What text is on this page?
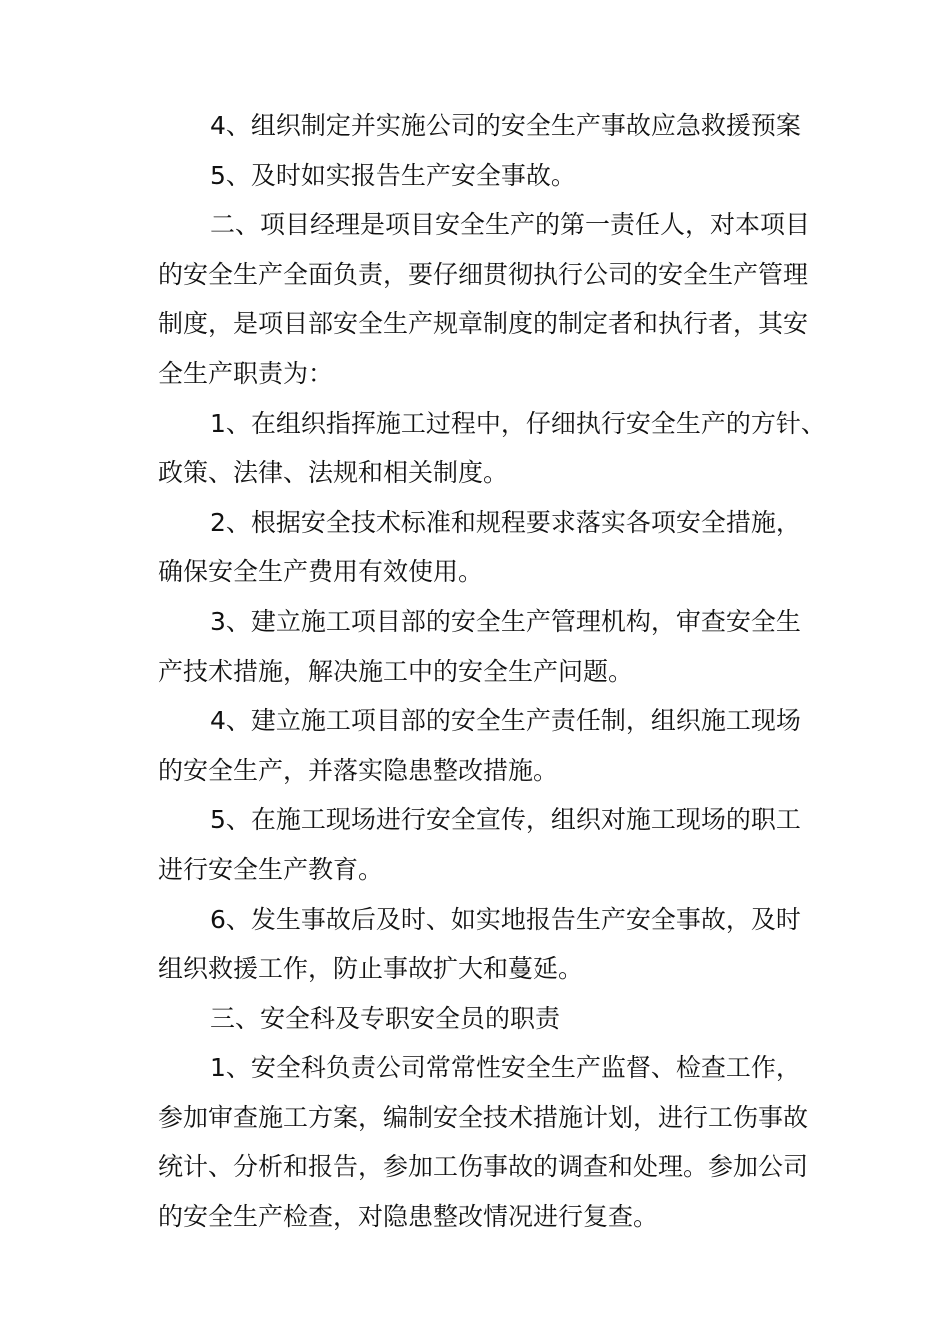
4、组织制定并实施公司的安全生产事故应急救援预案
5、及时如实报告生产安全事故。
二、项目经理是项目安全生产的第一责任人，对本项目
的安全生产全面负责，要仔细贯彻执行公司的安全生产管理
制度，是项目部安全生产规章制度的制定者和执行者，其安
全生产职责为：
1、在组织指挥施工过程中，仔细执行安全生产的方针、
政策、法律、法规和相关制度。
2、根据安全技术标准和规程要求落实各项安全措施，
确保安全生产费用有效使用。
3、建立施工项目部的安全生产管理机构，审查安全生
产技术措施，解决施工中的安全生产问题。
4、建立施工项目部的安全生产责任制，组织施工现场
的安全生产，并落实隐患整改措施。
5、在施工现场进行安全宣传，组织对施工现场的职工
进行安全生产教育。
6、发生事故后及时、如实地报告生产安全事故，及时
组织救援工作，防止事故扩大和蔓延。
三、安全科及专职安全员的职责
1、安全科负责公司常常性安全生产监督、检查工作，
参加审查施工方案，编制安全技术措施计划，进行工伤事故
统计、分析和报告，参加工伤事故的调查和处理。参加公司
的安全生产检查，对隐患整改情况进行复查。
